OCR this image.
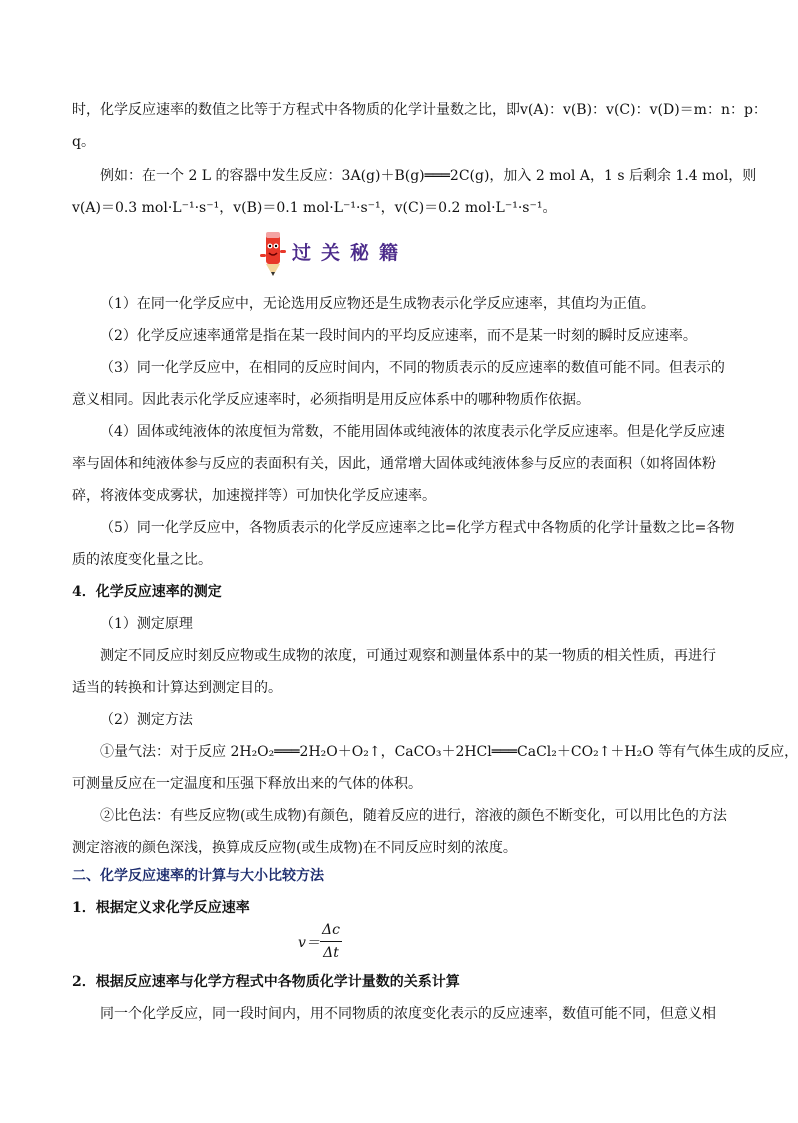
时，化学反应速率的数值之比等于方程式中各物质的化学计量数之比，即v(A)：v(B)：v(C)：v(D)＝m：n：p：
q。
例如：在一个 2 L 的容器中发生反应：3A(g)＋B(g)═══2C(g)，加入 2 mol A，1 s 后剩余 1.4 mol，则
v(A)＝0.3 mol·L⁻¹·s⁻¹，v(B)＝0.1 mol·L⁻¹·s⁻¹，v(C)＝0.2 mol·L⁻¹·s⁻¹。
（1）在同一化学反应中，无论选用反应物还是生成物表示化学反应速率，其值均为正值。
（2）化学反应速率通常是指在某一段时间内的平均反应速率，而不是某一时刻的瞬时反应速率。
（3）同一化学反应中，在相同的反应时间内，不同的物质表示的反应速率的数值可能不同。但表示的
意义相同。因此表示化学反应速率时，必须指明是用反应体系中的哪种物质作依据。
（4）固体或纯液体的浓度恒为常数，不能用固体或纯液体的浓度表示化学反应速率。但是化学反应速
率与固体和纯液体参与反应的表面积有关，因此，通常增大固体或纯液体参与反应的表面积（如将固体粉
碎，将液体变成雾状，加速搅拌等）可加快化学反应速率。
（5）同一化学反应中，各物质表示的化学反应速率之比=化学方程式中各物质的化学计量数之比=各物
质的浓度变化量之比。
4．化学反应速率的测定
（1）测定原理
测定不同反应时刻反应物或生成物的浓度，可通过观察和测量体系中的某一物质的相关性质，再进行
适当的转换和计算达到测定目的。
（2）测定方法
①量气法：对于反应 2H₂O₂═══2H₂O＋O₂↑，CaCO₃＋2HCl═══CaCl₂＋CO₂↑＋H₂O 等有气体生成的反应，
可测量反应在一定温度和压强下释放出来的气体的体积。
②比色法：有些反应物(或生成物)有颜色，随着反应的进行，溶液的颜色不断变化，可以用比色的方法
测定溶液的颜色深浅，换算成反应物(或生成物)在不同反应时刻的浓度。
二、化学反应速率的计算与大小比较方法
1．根据定义求化学反应速率
2．根据反应速率与化学方程式中各物质化学计量数的关系计算
同一个化学反应，同一段时间内，用不同物质的浓度变化表示的反应速率，数值可能不同，但意义相
过关秘籍
v＝
Δc
Δt
